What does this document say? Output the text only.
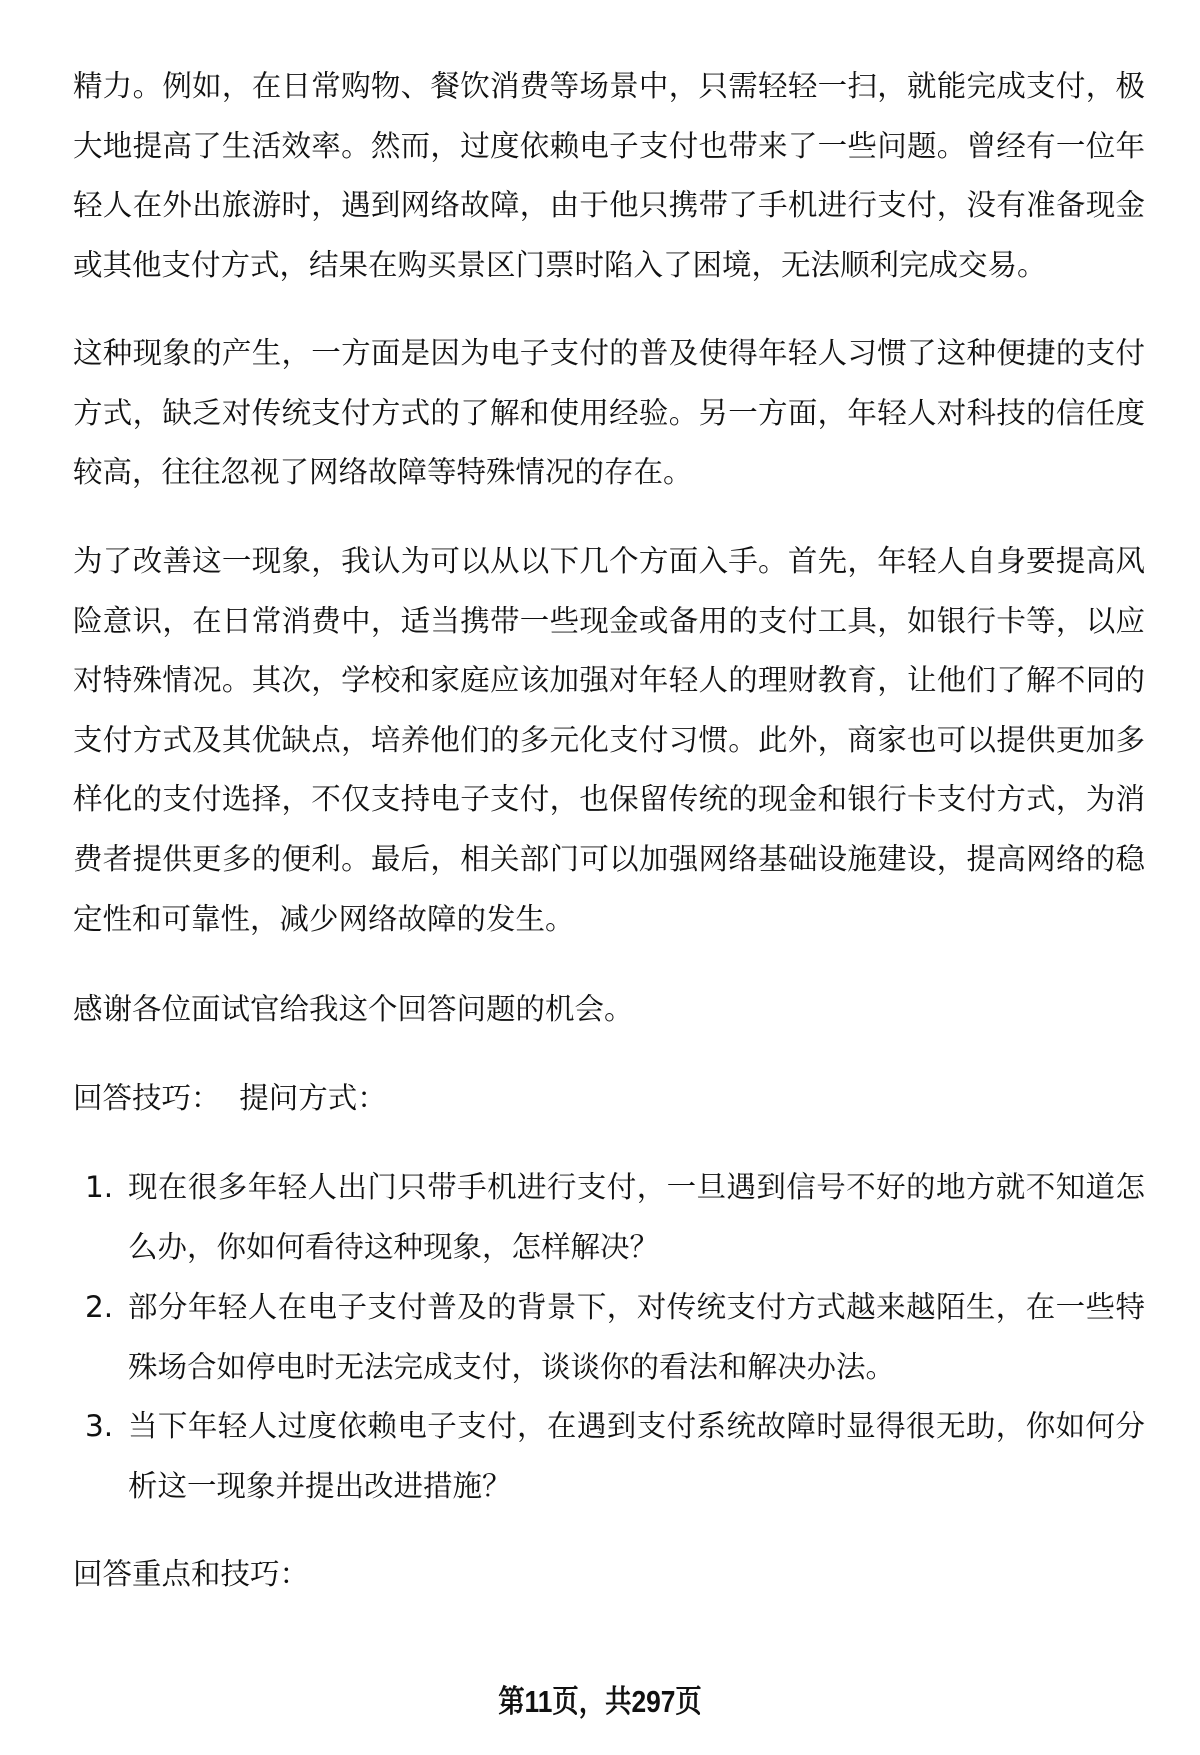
精力。例如，在日常购物、餐饮消费等场景中，只需轻轻一扫，就能完成支付，极
大地提高了生活效率。然而，过度依赖电子支付也带来了一些问题。曾经有一位年
轻人在外出旅游时，遇到网络故障，由于他只携带了手机进行支付，没有准备现金
或其他支付方式，结果在购买景区门票时陷入了困境，无法顺利完成交易。
这种现象的产生，一方面是因为电子支付的普及使得年轻人习惯了这种便捷的支付
方式，缺乏对传统支付方式的了解和使用经验。另一方面，年轻人对科技的信任度
较高，往往忽视了网络故障等特殊情况的存在。
为了改善这一现象，我认为可以从以下几个方面入手。首先，年轻人自身要提高风
险意识，在日常消费中，适当携带一些现金或备用的支付工具，如银行卡等，以应
对特殊情况。其次，学校和家庭应该加强对年轻人的理财教育，让他们了解不同的
支付方式及其优缺点，培养他们的多元化支付习惯。此外，商家也可以提供更加多
样化的支付选择，不仅支持电子支付，也保留传统的现金和银行卡支付方式，为消
费者提供更多的便利。最后，相关部门可以加强网络基础设施建设，提高网络的稳
定性和可靠性，减少网络故障的发生。
感谢各位面试官给我这个回答问题的机会。
回答技巧：  提问方式：
1. 现在很多年轻人出门只带手机进行支付，一旦遇到信号不好的地方就不知道怎
么办，你如何看待这种现象，怎样解决？
2. 部分年轻人在电子支付普及的背景下，对传统支付方式越来越陌生，在一些特
殊场合如停电时无法完成支付，谈谈你的看法和解决办法。
3. 当下年轻人过度依赖电子支付，在遇到支付系统故障时显得很无助，你如何分
析这一现象并提出改进措施？
回答重点和技巧：
第11页，共297页
